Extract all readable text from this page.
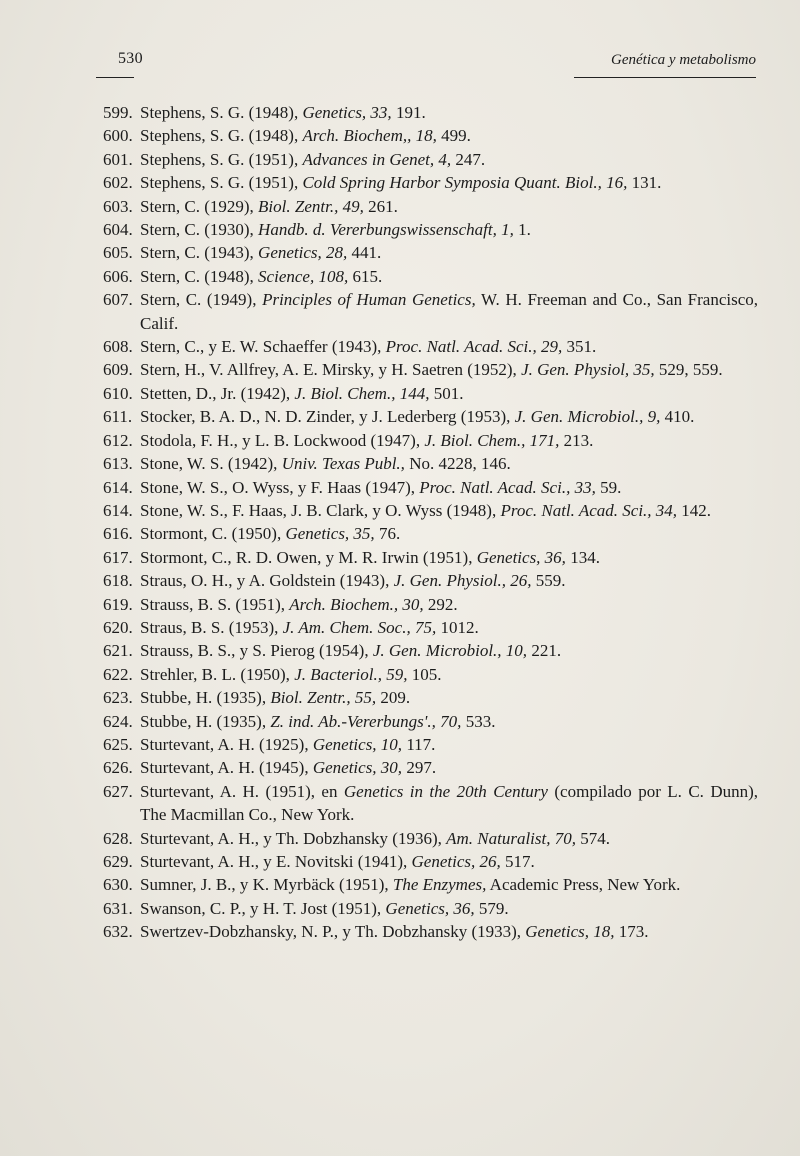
530	Genética y metabolismo
599. Stephens, S. G. (1948), Genetics, 33, 191.
600. Stephens, S. G. (1948), Arch. Biochem,, 18, 499.
601. Stephens, S. G. (1951), Advances in Genet, 4, 247.
602. Stephens, S. G. (1951), Cold Spring Harbor Symposia Quant. Biol., 16, 131.
603. Stern, C. (1929), Biol. Zentr., 49, 261.
604. Stern, C. (1930), Handb. d. Vererbungswissenschaft, 1, 1.
605. Stern, C. (1943), Genetics, 28, 441.
606. Stern, C. (1948), Science, 108, 615.
607. Stern, C. (1949), Principles of Human Genetics, W. H. Freeman and Co., San Francisco, Calif.
608. Stern, C., y E. W. Schaeffer (1943), Proc. Natl. Acad. Sci., 29, 351.
609. Stern, H., V. Allfrey, A. E. Mirsky, y H. Saetren (1952), J. Gen. Physiol, 35, 529, 559.
610. Stetten, D., Jr. (1942), J. Biol. Chem., 144, 501.
611. Stocker, B. A. D., N. D. Zinder, y J. Lederberg (1953), J. Gen. Microbiol., 9, 410.
612. Stodola, F. H., y L. B. Lockwood (1947), J. Biol. Chem., 171, 213.
613. Stone, W. S. (1942), Univ. Texas Publ., No. 4228, 146.
614. Stone, W. S., O. Wyss, y F. Haas (1947), Proc. Natl. Acad. Sci., 33, 59.
614. Stone, W. S., F. Haas, J. B. Clark, y O. Wyss (1948), Proc. Natl. Acad. Sci., 34, 142.
616. Stormont, C. (1950), Genetics, 35, 76.
617. Stormont, C., R. D. Owen, y M. R. Irwin (1951), Genetics, 36, 134.
618. Straus, O. H., y A. Goldstein (1943), J. Gen. Physiol., 26, 559.
619. Strauss, B. S. (1951), Arch. Biochem., 30, 292.
620. Straus, B. S. (1953), J. Am. Chem. Soc., 75, 1012.
621. Strauss, B. S., y S. Pierog (1954), J. Gen. Microbiol., 10, 221.
622. Strehler, B. L. (1950), J. Bacteriol., 59, 105.
623. Stubbe, H. (1935), Biol. Zentr., 55, 209.
624. Stubbe, H. (1935), Z. ind. Ab.-Vererbungs'., 70, 533.
625. Sturtevant, A. H. (1925), Genetics, 10, 117.
626. Sturtevant, A. H. (1945), Genetics, 30, 297.
627. Sturtevant, A. H. (1951), en Genetics in the 20th Century (compilado por L. C. Dunn), The Macmillan Co., New York.
628. Sturtevant, A. H., y Th. Dobzhansky (1936), Am. Naturalist, 70, 574.
629. Sturtevant, A. H., y E. Novitski (1941), Genetics, 26, 517.
630. Sumner, J. B., y K. Myrbäck (1951), The Enzymes, Academic Press, New York.
631. Swanson, C. P., y H. T. Jost (1951), Genetics, 36, 579.
632. Swertzev-Dobzhansky, N. P., y Th. Dobzhansky (1933), Genetics, 18, 173.
